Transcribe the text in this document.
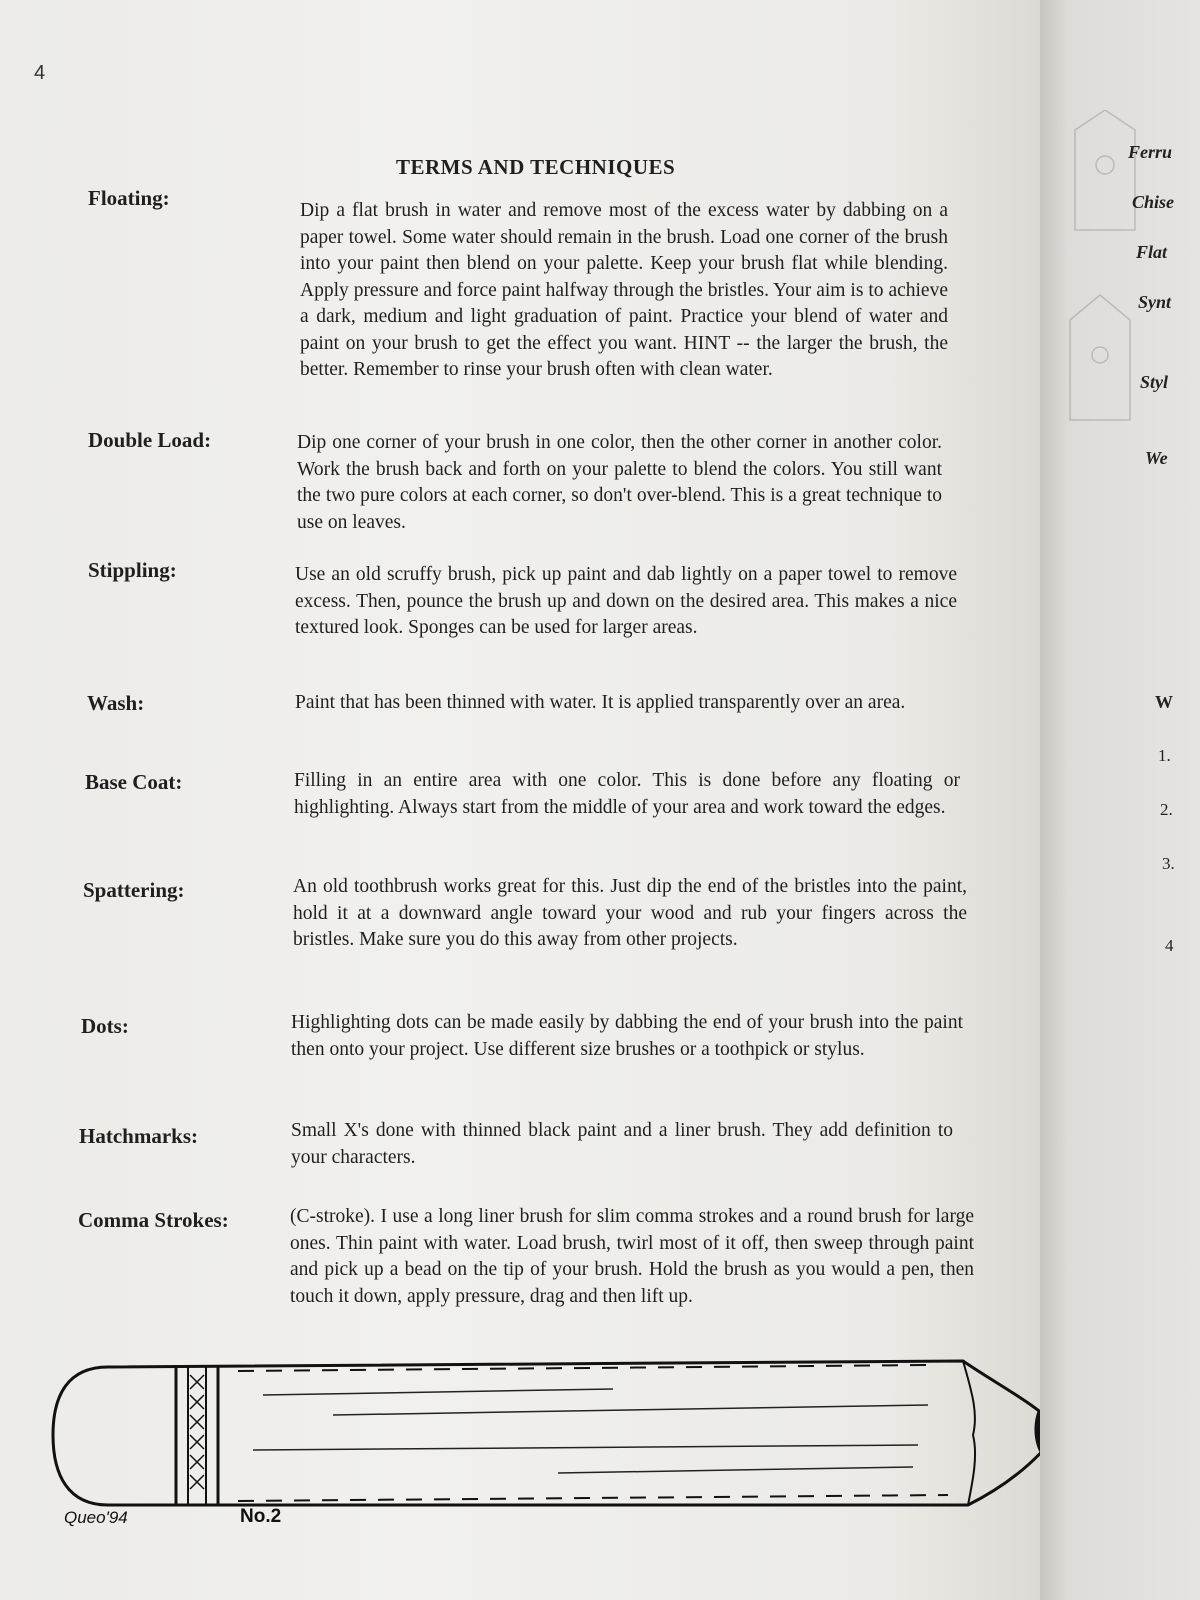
4
TERMS AND TECHNIQUES
Floating:
Dip a flat brush in water and remove most of the excess water by dabbing on a paper towel. Some water should remain in the brush. Load one corner of the brush into your paint then blend on your palette. Keep your brush flat while blending. Apply pressure and force paint halfway through the bristles. Your aim is to achieve a dark, medium and light graduation of paint. Practice your blend of water and paint on your brush to get the effect you want. HINT -- the larger the brush, the better. Remember to rinse your brush often with clean water.
Double Load:	Dip one corner of your brush in one color, then the other corner in another color. Work the brush back and forth on your palette to blend the colors. You still want the two pure colors at each corner, so don't over-blend. This is a great technique to use on leaves.
Stippling:	Use an old scruffy brush, pick up paint and dab lightly on a paper towel to remove excess. Then, pounce the brush up and down on the desired area. This makes a nice textured look. Sponges can be used for larger areas.
Wash:	Paint that has been thinned with water. It is applied transparently over an area.
Base Coat:	Filling in an entire area with one color. This is done before any floating or highlighting. Always start from the middle of your area and work toward the edges.
Spattering:	An old toothbrush works great for this. Just dip the end of the bristles into the paint, hold it at a downward angle toward your wood and rub your fingers across the bristles. Make sure you do this away from other projects.
Dots:	Highlighting dots can be made easily by dabbing the end of your brush into the paint then onto your project. Use different size brushes or a toothpick or stylus.
Hatchmarks:	Small X's done with thinned black paint and a liner brush. They add definition to your characters.
Comma Strokes:	(C-stroke). I use a long liner brush for slim comma strokes and a round brush for large ones. Thin paint with water. Load brush, twirl most of it off, then sweep through paint and pick up a bead on the tip of your brush. Hold the brush as you would a pen, then touch it down, apply pressure, drag and then lift up.
Queo'94	No.2
Ferru
Chise
Flat
Synt
Styl
We
W
1.
2.
3.
4
